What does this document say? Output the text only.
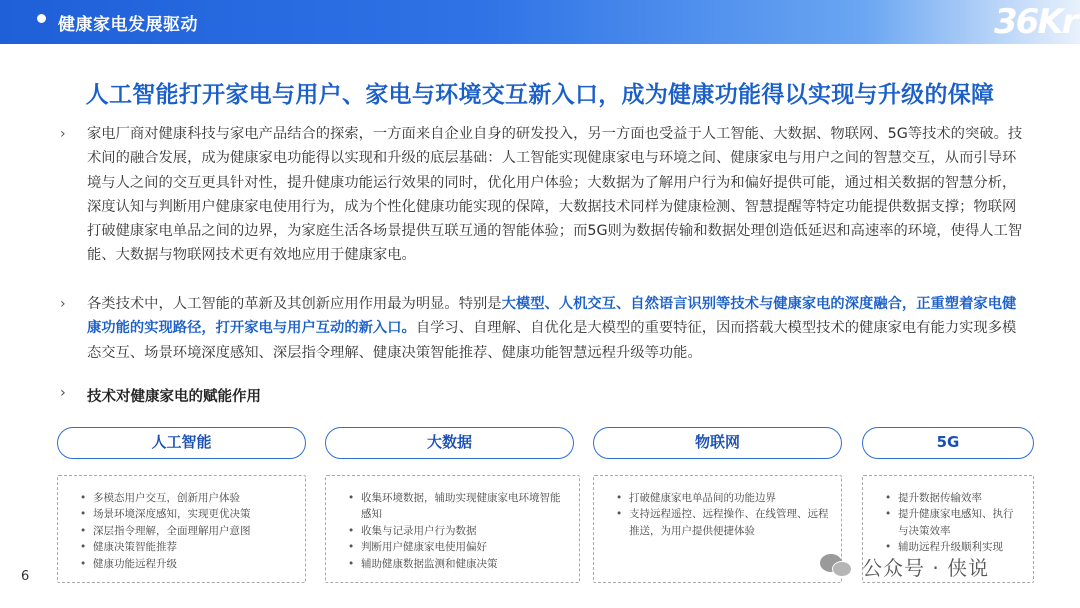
健康家电发展驱动	36Kr
人工智能打开家电与用户、家电与环境交互新入口，成为健康功能得以实现与升级的保障
› 家电厂商对健康科技与家电产品结合的探索，一方面来自企业自身的研发投入，另一方面也受益于人工智能、大数据、物联网、5G等技术的突破。技术间的融合发展，成为健康家电功能得以实现和升级的底层基础：人工智能实现健康家电与环境之间、健康家电与用户之间的智慧交互，从而引导环境与人之间的交互更具针对性，提升健康功能运行效果的同时，优化用户体验；大数据为了解用户行为和偏好提供可能，通过相关数据的智慧分析，深度认知与判断用户健康家电使用行为，成为个性化健康功能实现的保障，大数据技术同样为健康检测、智慧提醒等特定功能提供数据支撑；物联网打破健康家电单品之间的边界，为家庭生活各场景提供互联互通的智能体验；而5G则为数据传输和数据处理创造低延迟和高速率的环境，使得人工智能、大数据与物联网技术更有效地应用于健康家电。
› 各类技术中，人工智能的革新及其创新应用作用最为明显。特别是大模型、人机交互、自然语言识别等技术与健康家电的深度融合，正重塑着家电健康功能的实现路径，打开家电与用户互动的新入口。自学习、自理解、自优化是大模型的重要特征，因而搭载大模型技术的健康家电有能力实现多模态交互、场景环境深度感知、深层指令理解、健康决策智能推荐、健康功能智慧远程升级等功能。
› 技术对健康家电的赋能作用
人工智能
• 多模态用户交互，创新用户体验
• 场景环境深度感知，实现更优决策
• 深层指令理解，全面理解用户意图
• 健康决策智能推荐
• 健康功能远程升级
大数据
• 收集环境数据，辅助实现健康家电环境智能感知
• 收集与记录用户行为数据
• 判断用户健康家电使用偏好
• 辅助健康数据监测和健康决策
物联网
• 打破健康家电单品间的功能边界
• 支持远程遥控、远程操作、在线管理、远程推送，为用户提供便捷体验
5G
• 提升数据传输效率
• 提升健康家电感知、执行与决策效率
• 辅助远程升级顺利实现
6	公众号 · 侠说
